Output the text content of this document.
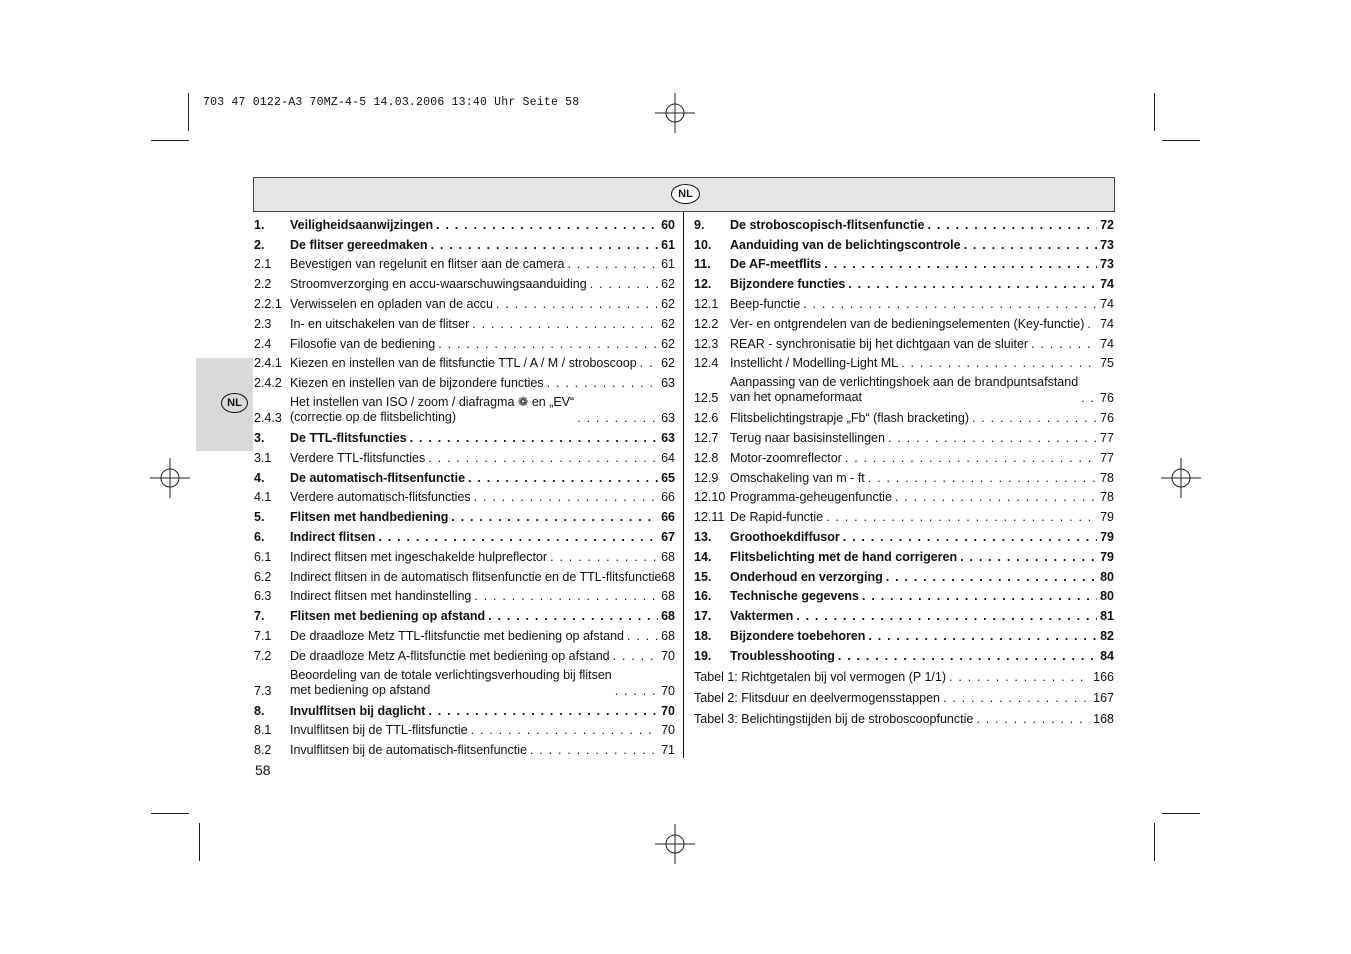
703 47 0122-A3 70MZ-4-5 14.03.2006 13:40 Uhr Seite 58
NL
NL
1.	Veiligheidsaanwijzingen . . .	60
2.	De flitser gereedmaken . . .	61
2.1	Bevestigen van regelunit en flitser aan de camera . . .	61
2.2	Stroomverzorging en accu-waarschuwingsaanduiding . . .	62
2.2.1 Verwisselen en opladen van de accu . . .	62
2.3	In- en uitschakelen van de flitser . . .	62
2.4	Filosofie van de bediening . . .	62
2.4.1 Kiezen en instellen van de flitsfunctie TTL / A / M / stroboscoop . . . 62
2.4.2 Kiezen en instellen van de bijzondere functies . . .	63
2.4.3
Het instellen van ISO / zoom / diafragma ❁ en „EV“
(correctie op de flitsbelichting) . . .	63
3.	De TTL-flitsfuncties . . .	63
3.1	Verdere TTL-flitsfuncties . . .	64
4.	De automatisch-flitsenfunctie . . .	65
4.1	Verdere automatisch-flitsfuncties . . .	66
5.	Flitsen met handbediening . . .	66
6.	Indirect flitsen . . .	67
6.1	Indirect flitsen met ingeschakelde hulpreflector . . .	68
6.2	Indirect flitsen in de automatisch flitsenfunctie en de TTL-flitsfunctie . . . 68
6.3	Indirect flitsen met handinstelling . . .	68
7.	Flitsen met bediening op afstand . . .	68
7.1	De draadloze Metz TTL-flitsfunctie met bediening op afstand . . .	68
7.2	De draadloze Metz A-flitsfunctie met bediening op afstand . . .	70
7.3
Beoordeling van de totale verlichtingsverhouding bij flitsen
met bediening op afstand . . .	70
8.	Invulflitsen bij daglicht . . .	70
8.1	Invulflitsen bij de TTL-flitsfunctie . . .	70
8.2	Invulflitsen bij de automatisch-flitsenfunctie . . .	71
9.	De stroboscopisch-flitsenfunctie . . .	72
10.	Aanduiding van de belichtingscontrole . . .	73
11.	De AF-meetflits . . .	73
12.	Bijzondere functies . . .	74
12.1 Beep-functie . . .	74
12.2 Ver- en ontgrendelen van de bedieningselementen (Key-functie) . . . 74
12.3 REAR - synchronisatie bij het dichtgaan van de sluiter . . .	74
12.4 Instellicht / Modelling-Light ML . . .	75
12.5
Aanpassing van de verlichtingshoek aan de brandpuntsafstand
van het opnameformaat . . .	76
12.6 Flitsbelichtingstrapje „Fb“ (flash bracketing) . . .	76
12.7 Terug naar basisinstellingen . . .	77
12.8 Motor-zoomreflector . . .	77
12.9 Omschakeling van m - ft . . .	78
12.10 Programma-geheugenfunctie . . .	78
12.11 De Rapid-functie . . .	79
13.	Groothoekdiffusor . . .	79
14.	Flitsbelichting met de hand corrigeren . . .	79
15.	Onderhoud en verzorging . . .	80
16.	Technische gegevens . . .	80
17.	Vaktermen . . .	81
18.	Bijzondere toebehoren . . .	82
19.	Troublesshooting . . .	84
Tabel 1: Richtgetalen bij vol vermogen (P 1/1) . . .	166
Tabel 2: Flitsduur en deelvermogensstappen . . .	167
Tabel 3: Belichtingstijden bij de stroboscoopfunctie . . .	168
58
